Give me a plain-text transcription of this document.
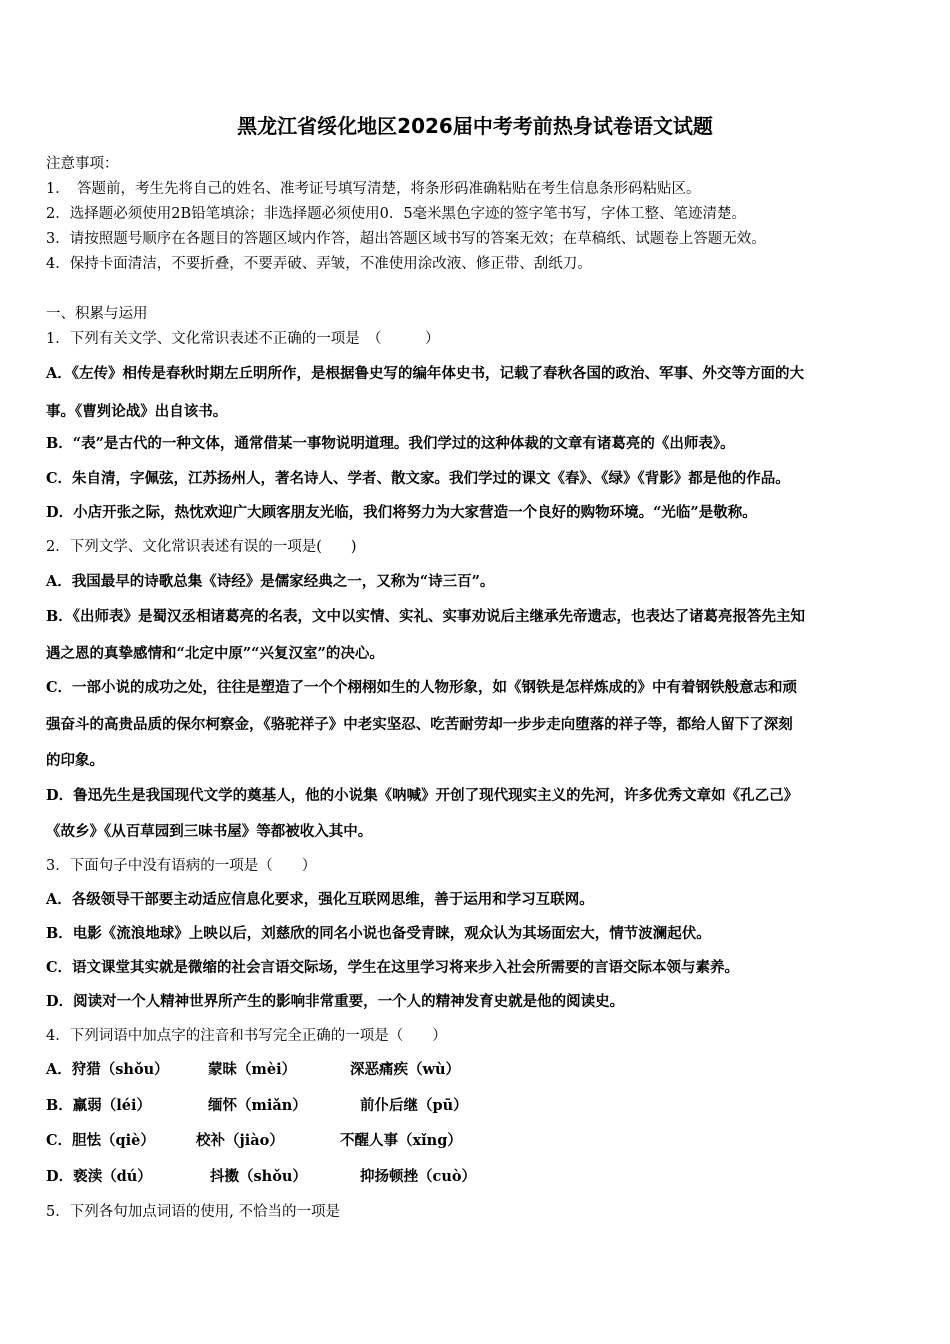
黑龙江省绥化地区2026届中考考前热身试卷语文试题
注意事项：
1．　答题前，考生先将自己的姓名、准考证号填写清楚，将条形码准确粘贴在考生信息条形码粘贴区。
2．选择题必须使用2B铅笔填涂；非选择题必须使用0．5毫米黑色字迹的签字笔书写，字体工整、笔迹清楚。
3．请按照题号顺序在各题目的答题区域内作答，超出答题区域书写的答案无效；在草稿纸、试题卷上答题无效。
4．保持卡面清洁，不要折叠，不要弄破、弄皱，不准使用涂改液、修正带、刮纸刀。
一、积累与运用
1．下列有关文学、文化常识表述不正确的一项是　（　　　）
A．《左传》相传是春秋时期左丘明所作，是根据鲁史写的编年体史书，记载了春秋各国的政治、军事、外交等方面的大
事。《曹刿论战》出自该书。
B．“表”是古代的一种文体，通常借某一事物说明道理。我们学过的这种体裁的文章有诸葛亮的《出师表》。
C．朱自清，字佩弦，江苏扬州人，著名诗人、学者、散文家。我们学过的课文《春》、《绿》《背影》都是他的作品。
D．小店开张之际，热忱欢迎广大顾客朋友光临，我们将努力为大家营造一个良好的购物环境。“光临”是敬称。
2．下列文学、文化常识表述有误的一项是(　　)
A．我国最早的诗歌总集《诗经》是儒家经典之一，又称为“诗三百”。
B．《出师表》是蜀汉丞相诸葛亮的名表，文中以实情、实礼、实事劝说后主继承先帝遗志，也表达了诸葛亮报答先主知
遇之恩的真挚感情和“北定中原”“兴复汉室”的决心。
C．一部小说的成功之处，往往是塑造了一个个栩栩如生的人物形象，如《钢铁是怎样炼成的》中有着钢铁般意志和顽
强奋斗的高贵品质的保尔柯察金，《骆驼祥子》中老实坚忍、吃苦耐劳却一步步走向堕落的祥子等，都给人留下了深刻
的印象。
D．鲁迅先生是我国现代文学的奠基人，他的小说集《呐喊》开创了现代现实主义的先河，许多优秀文章如《孔乙己》
《故乡》《从百草园到三味书屋》等都被收入其中。
3．下面句子中没有语病的一项是（　　）
A．各级领导干部要主动适应信息化要求，强化互联网思维，善于运用和学习互联网。
B．电影《流浪地球》上映以后，刘慈欣的同名小说也备受青睐，观众认为其场面宏大，情节波澜起伏。
C．语文课堂其实就是微缩的社会言语交际场，学生在这里学习将来步入社会所需要的言语交际本领与素养。
D．阅读对一个人精神世界所产生的影响非常重要，一个人的精神发育史就是他的阅读史。
4．下列词语中加点字的注音和书写完全正确的一项是（　　）
A．狩猎（shǒu）	蒙昧（mèi）	深恶痛疾（wù）
B．羸弱（léi）	缅怀（miǎn）	前仆后继（pū）
C．胆怯（qiè）	校补（jiào）	不醒人事（xǐng）
D．亵渎（dú）	抖擞（shǒu）	抑扬顿挫（cuò）
5．下列各句加点词语的使用, 不恰当的一项是
